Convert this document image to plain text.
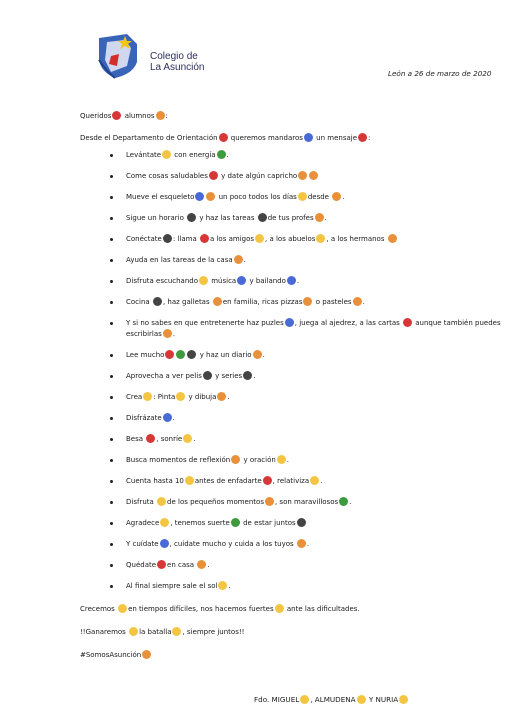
Colegio de
La Asunción
León a 26 de marzo de 2020

Queridos alumnos :

Desde el Departamento de Orientación queremos mandaros un mensaje :

Levántate con energía .
Come cosas saludables y date algún capricho
Mueve el esqueleto	un poco todos los días desde .
Sigue un horario y haz las tareas de tus profes .
Conéctate : llama a los amigos , a los abuelos , a los hermanos
Ayuda en las tareas de la casa .
Disfruta escuchando música y bailando .
Cocina , haz galletas en familia, ricas pizzas o pasteles .
Y si no sabes en que entretenerte haz puzles , juega al ajedrez, a las cartas aunque también puedes escribirlas .
Lee mucho	y haz un diario .
Aprovecha a ver pelis y series .
Crea : Pinta y dibuja .
Disfrázate .
Besa , sonríe .
Busca momentos de reflexión y oración .
Cuenta hasta 10 antes de enfadarte , relativiza .
Disfruta de los pequeños momentos , son maravillosos .
Agradece , tenemos suerte de estar juntos
Y cuídate , cuídate mucho y cuida a los tuyos .
Quédate en casa .
Al final siempre sale el sol .

Crecemos en tiempos difíciles, nos hacemos fuertes ante las dificultades.

!!Ganaremos la batalla , siempre juntos!!

#SomosAsunción

Fdo. MIGUEL , ALMUDENA Y NURIA
